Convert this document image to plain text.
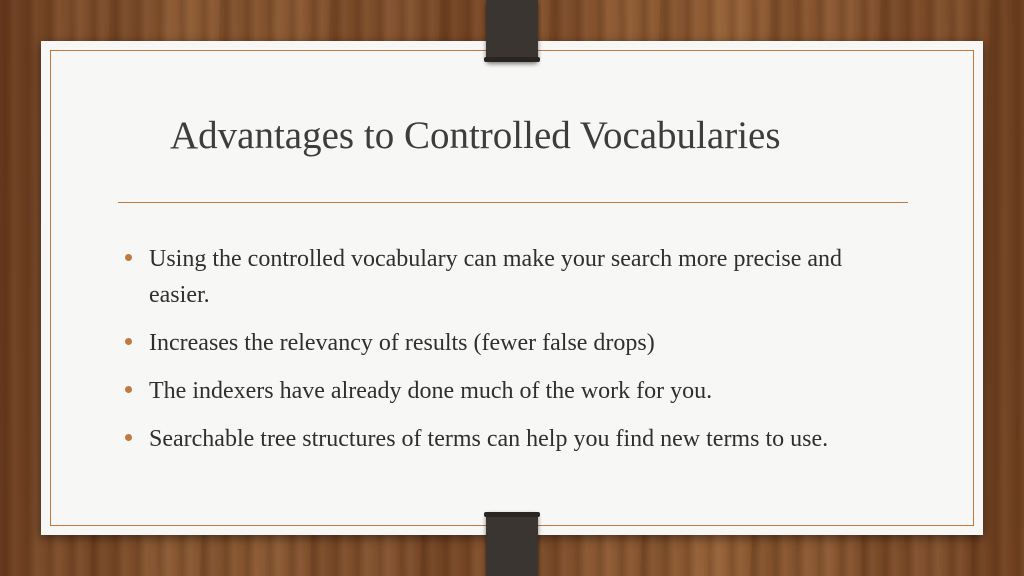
Advantages to Controlled Vocabularies
Using the controlled vocabulary can make your search more precise and easier.
Increases the relevancy of results (fewer false drops)
The indexers have already done much of the work for you.
Searchable tree structures of terms can help you find new terms to use.
